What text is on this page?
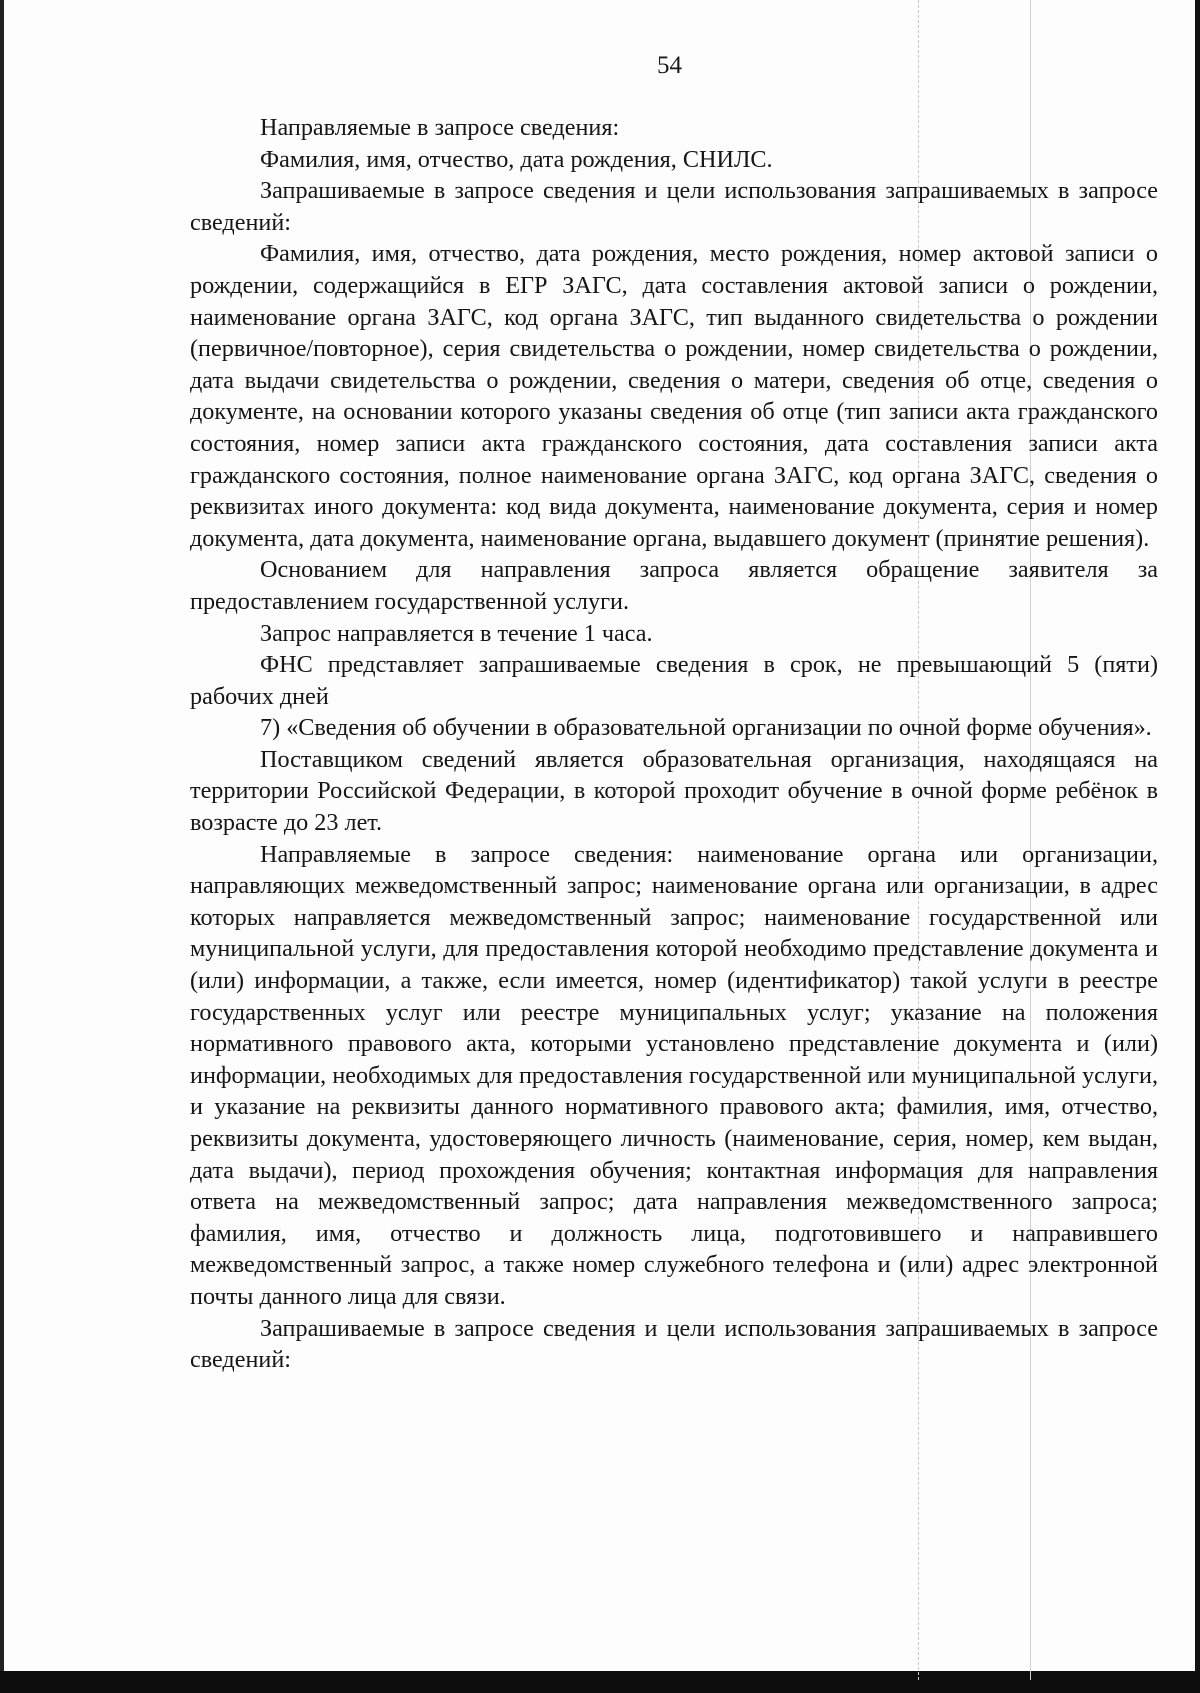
54

Направляемые в запросе сведения:

Фамилия, имя, отчество, дата рождения, СНИЛС.

Запрашиваемые в запросе сведения и цели использования запрашиваемых в запросе сведений:

Фамилия, имя, отчество, дата рождения, место рождения, номер актовой записи о рождении, содержащийся в ЕГР ЗАГС, дата составления актовой записи о рождении, наименование органа ЗАГС, код органа ЗАГС, тип выданного свидетельства о рождении (первичное/повторное), серия свидетельства о рождении, номер свидетельства о рождении, дата выдачи свидетельства о рождении, сведения о матери, сведения об отце, сведения о документе, на основании которого указаны сведения об отце (тип записи акта гражданского состояния, номер записи акта гражданского состояния, дата составления записи акта гражданского состояния, полное наименование органа ЗАГС, код органа ЗАГС, сведения о реквизитах иного документа: код вида документа, наименование документа, серия и номер документа, дата документа, наименование органа, выдавшего документ (принятие решения).

Основанием для направления запроса является обращение заявителя за предоставлением государственной услуги.

Запрос направляется в течение 1 часа.

ФНС представляет запрашиваемые сведения в срок, не превышающий 5 (пяти) рабочих дней

7) «Сведения об обучении в образовательной организации по очной форме обучения».

Поставщиком сведений является образовательная организация, находящаяся на территории Российской Федерации, в которой проходит обучение в очной форме ребёнок в возрасте до 23 лет.

Направляемые в запросе сведения: наименование органа или организации, направляющих межведомственный запрос; наименование органа или организации, в адрес которых направляется межведомственный запрос; наименование государственной или муниципальной услуги, для предоставления которой необходимо представление документа и (или) информации, а также, если имеется, номер (идентификатор) такой услуги в реестре государственных услуг или реестре муниципальных услуг; указание на положения нормативного правового акта, которыми установлено представление документа и (или) информации, необходимых для предоставления государственной или муниципальной услуги, и указание на реквизиты данного нормативного правового акта; фамилия, имя, отчество, реквизиты документа, удостоверяющего личность (наименование, серия, номер, кем выдан, дата выдачи), период прохождения обучения; контактная информация для направления ответа на межведомственный запрос; дата направления межведомственного запроса; фамилия, имя, отчество и должность лица, подготовившего и направившего межведомственный запрос, а также номер служебного телефона и (или) адрес электронной почты данного лица для связи.

Запрашиваемые в запросе сведения и цели использования запрашиваемых в запросе сведений:
